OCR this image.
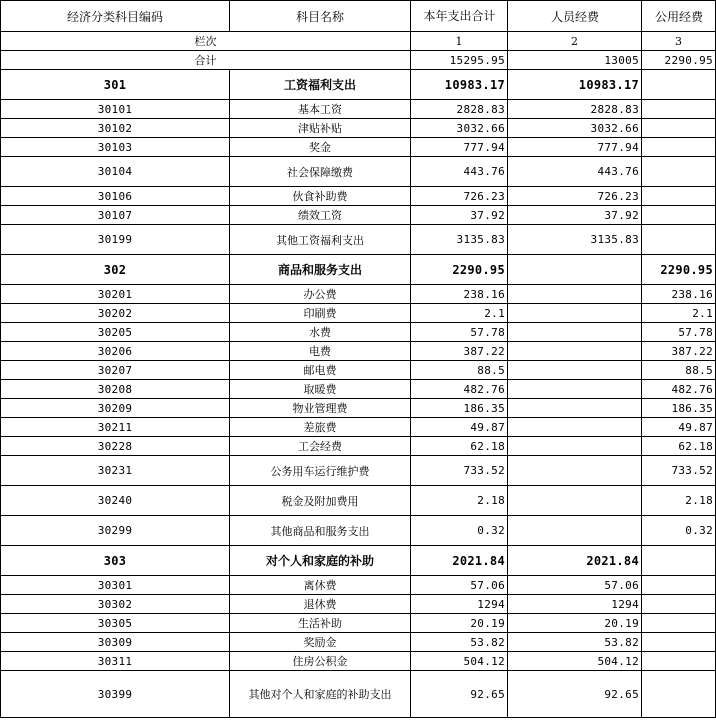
经济分类科目编码	科目名称	本年支出合计	人员经费	公用经费
栏次		1	2	3
合计		15295.95	13005	2290.95
301	工资福利支出	10983.17	10983.17	
30101	基本工资	2828.83	2828.83	
30102	津贴补贴	3032.66	3032.66	
30103	奖金	777.94	777.94	
30104	社会保障缴费	443.76	443.76	
30106	伙食补助费	726.23	726.23	
30107	绩效工资	37.92	37.92	
30199	其他工资福利支出	3135.83	3135.83	
302	商品和服务支出	2290.95		2290.95
30201	办公费	238.16		238.16
30202	印刷费	2.1		2.1
30205	水费	57.78		57.78
30206	电费	387.22		387.22
30207	邮电费	88.5		88.5
30208	取暖费	482.76		482.76
30209	物业管理费	186.35		186.35
30211	差旅费	49.87		49.87
30228	工会经费	62.18		62.18
30231	公务用车运行维护费	733.52		733.52
30240	税金及附加费用	2.18		2.18
30299	其他商品和服务支出	0.32		0.32
303	对个人和家庭的补助	2021.84	2021.84	
30301	离休费	57.06	57.06	
30302	退休费	1294	1294	
30305	生活补助	20.19	20.19	
30309	奖励金	53.82	53.82	
30311	住房公积金	504.12	504.12	
30399	其他对个人和家庭的补助支出	92.65	92.65	
